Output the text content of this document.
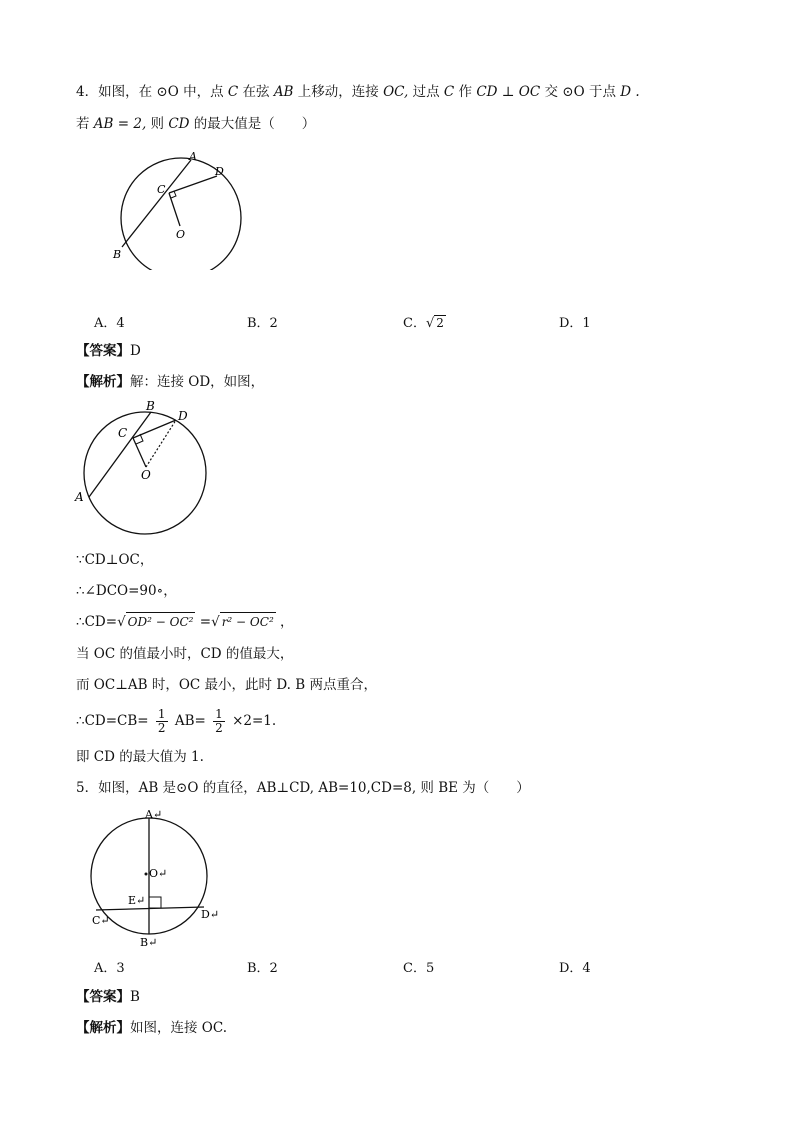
4．如图，在 ⊙O 中，点 C 在弦 AB 上移动，连接 OC, 过点 C 作 CD ⊥ OC 交 ⊙O 于点 D .
若 AB = 2, 则 CD 的最大值是（　　）
A
D
C
O
B
A．4	B．2	C．√ 2	D．1
【答案】D
【解析】解：连接 OD，如图，
B
D
C
O
A
∵CD⊥OC，
∴∠DCO=90∘，
∴CD=√ OD² − OC² =√ r² − OC² ，
当 OC 的值最小时，CD 的值最大，
而 OC⊥AB 时，OC 最小，此时 D. B 两点重合，
∴CD=CB= $\frac{1}{2} AB= \frac{1}{2} \times 2=1$.
即 CD 的最大值为 1.
5．如图，AB 是⊙O 的直径，AB⊥CD, AB=10,CD=8, 则 BE 为（　　）
A↵
O↵
E↵
C↵	D↵
B↵
A．3	B．2	C．5	D．4
【答案】B
【解析】如图，连接 OC.
